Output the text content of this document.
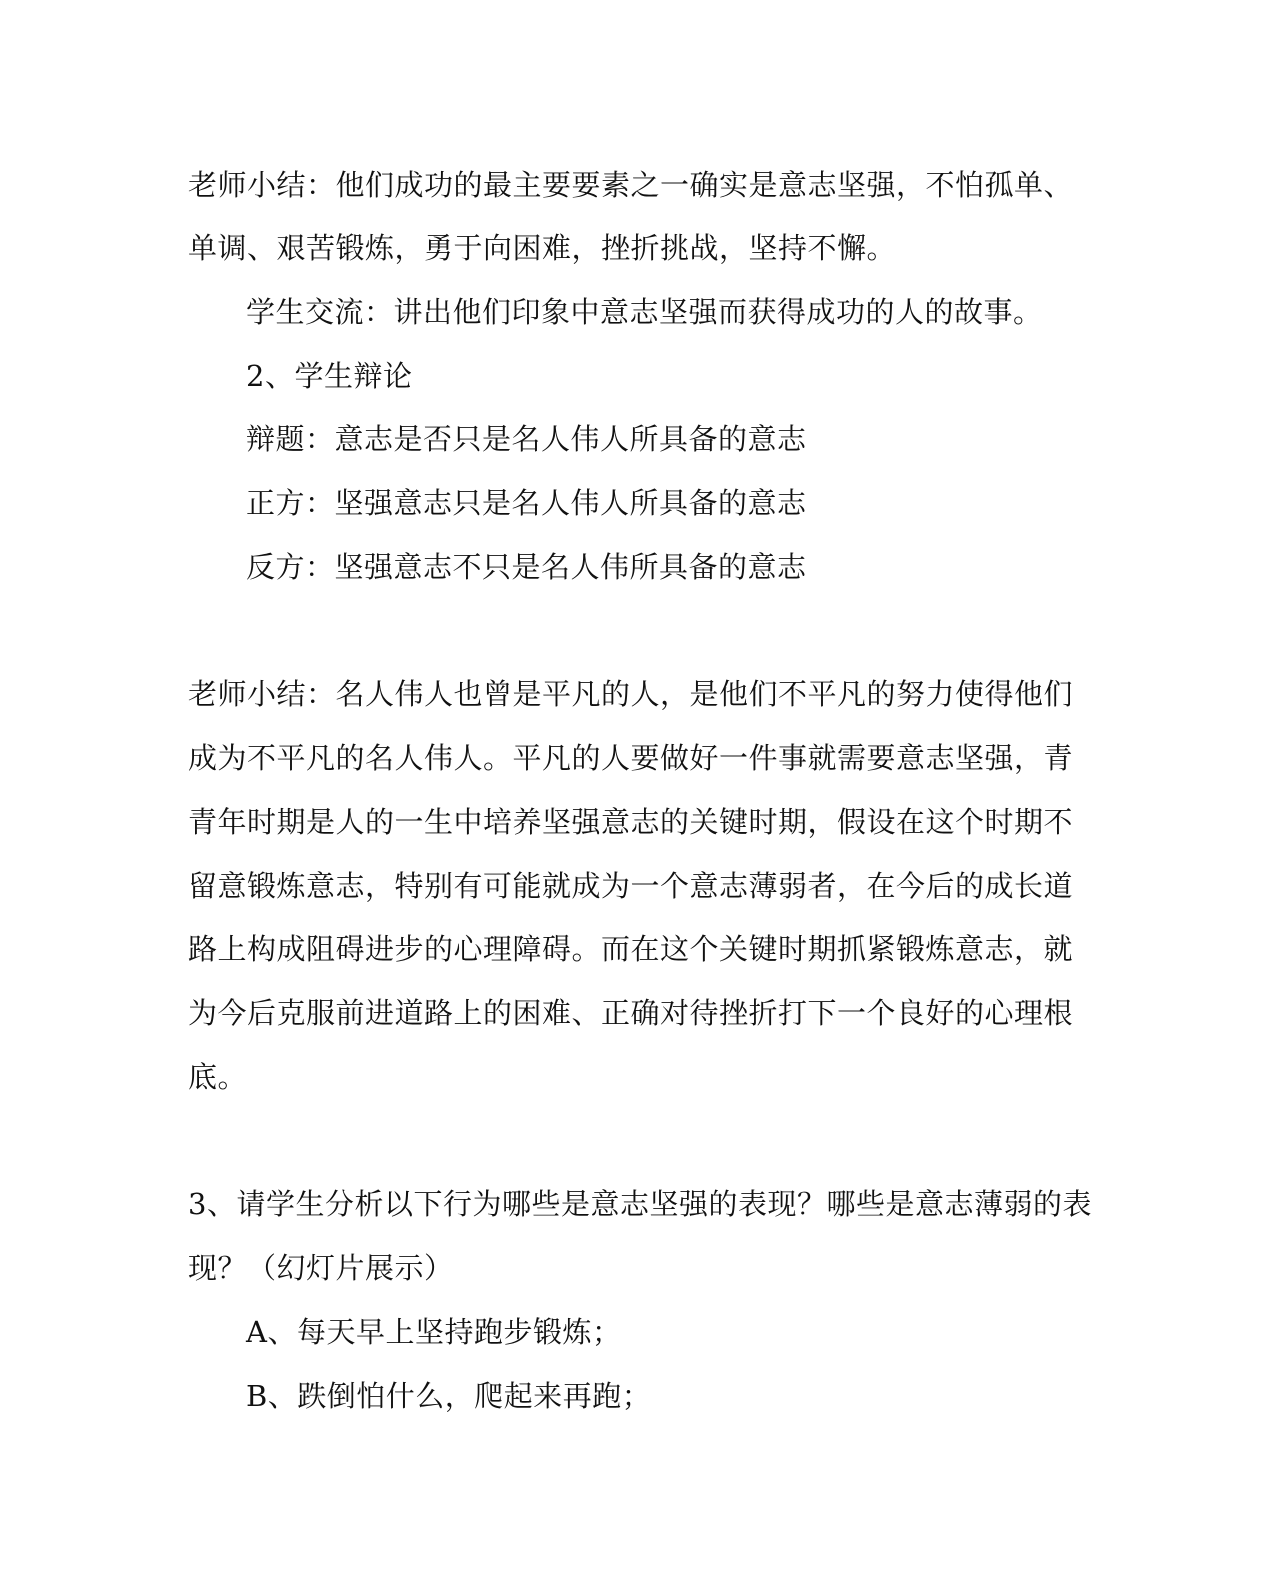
老师小结：他们成功的最主要要素之一确实是意志坚强，不怕孤单、
单调、艰苦锻炼，勇于向困难，挫折挑战，坚持不懈。
学生交流：讲出他们印象中意志坚强而获得成功的人的故事。
2、学生辩论
辩题：意志是否只是名人伟人所具备的意志
正方：坚强意志只是名人伟人所具备的意志
反方：坚强意志不只是名人伟所具备的意志
老师小结：名人伟人也曾是平凡的人，是他们不平凡的努力使得他们
成为不平凡的名人伟人。平凡的人要做好一件事就需要意志坚强，青
青年时期是人的一生中培养坚强意志的关键时期，假设在这个时期不
留意锻炼意志，特别有可能就成为一个意志薄弱者，在今后的成长道
路上构成阻碍进步的心理障碍。而在这个关键时期抓紧锻炼意志，就
为今后克服前进道路上的困难、正确对待挫折打下一个良好的心理根
底。
3、请学生分析以下行为哪些是意志坚强的表现？哪些是意志薄弱的表
现？（幻灯片展示）
A、每天早上坚持跑步锻炼；
B、跌倒怕什么，爬起来再跑；
